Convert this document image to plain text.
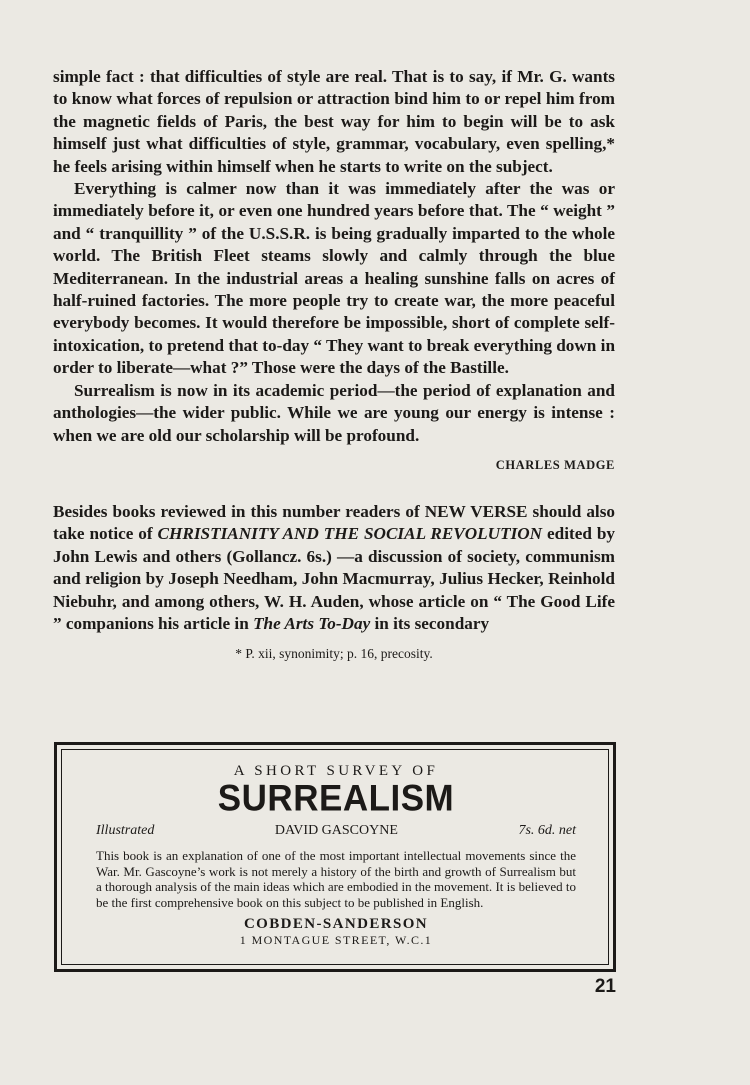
simple fact : that difficulties of style are real. That is to say, if Mr. G. wants to know what forces of repulsion or attraction bind him to or repel him from the magnetic fields of Paris, the best way for him to begin will be to ask himself just what difficulties of style, grammar, vocabulary, even spelling,* he feels arising within himself when he starts to write on the subject.

Everything is calmer now than it was immediately after the was or immediately before it, or even one hundred years before that. The “ weight ” and “ tranquillity ” of the U.S.S.R. is being gradually imparted to the whole world. The British Fleet steams slowly and calmly through the blue Mediterranean. In the industrial areas a healing sunshine falls on acres of half-ruined factories. The more people try to create war, the more peaceful everybody becomes. It would therefore be impossible, short of complete self-intoxication, to pretend that to-day “ They want to break everything down in order to liberate—what ?” Those were the days of the Bastille.

Surrealism is now in its academic period—the period of explanation and anthologies—the wider public. While we are young our energy is intense : when we are old our scholarship will be profound.

CHARLES MADGE

Besides books reviewed in this number readers of NEW VERSE should also take notice of CHRISTIANITY AND THE SOCIAL REVOLUTION edited by John Lewis and others (Gollancz. 6s.) —a discussion of society, communism and religion by Joseph Needham, John Macmurray, Julius Hecker, Reinhold Niebuhr, and among others, W. H. Auden, whose article on “ The Good Life ” companions his article in The Arts To-Day in its secondary

* P. xii, synonimity; p. 16, precosity.

A SHORT SURVEY OF

SURREALISM

Illustrated	DAVID GASCOYNE	7s. 6d. net

This book is an explanation of one of the most important intellectual movements since the War. Mr. Gascoyne’s work is not merely a history of the birth and growth of Surrealism but a thorough analysis of the main ideas which are embodied in the movement. It is believed to be the first comprehensive book on this subject to be published in English.

COBDEN-SANDERSON
1 MONTAGUE STREET, W.C.1
21
